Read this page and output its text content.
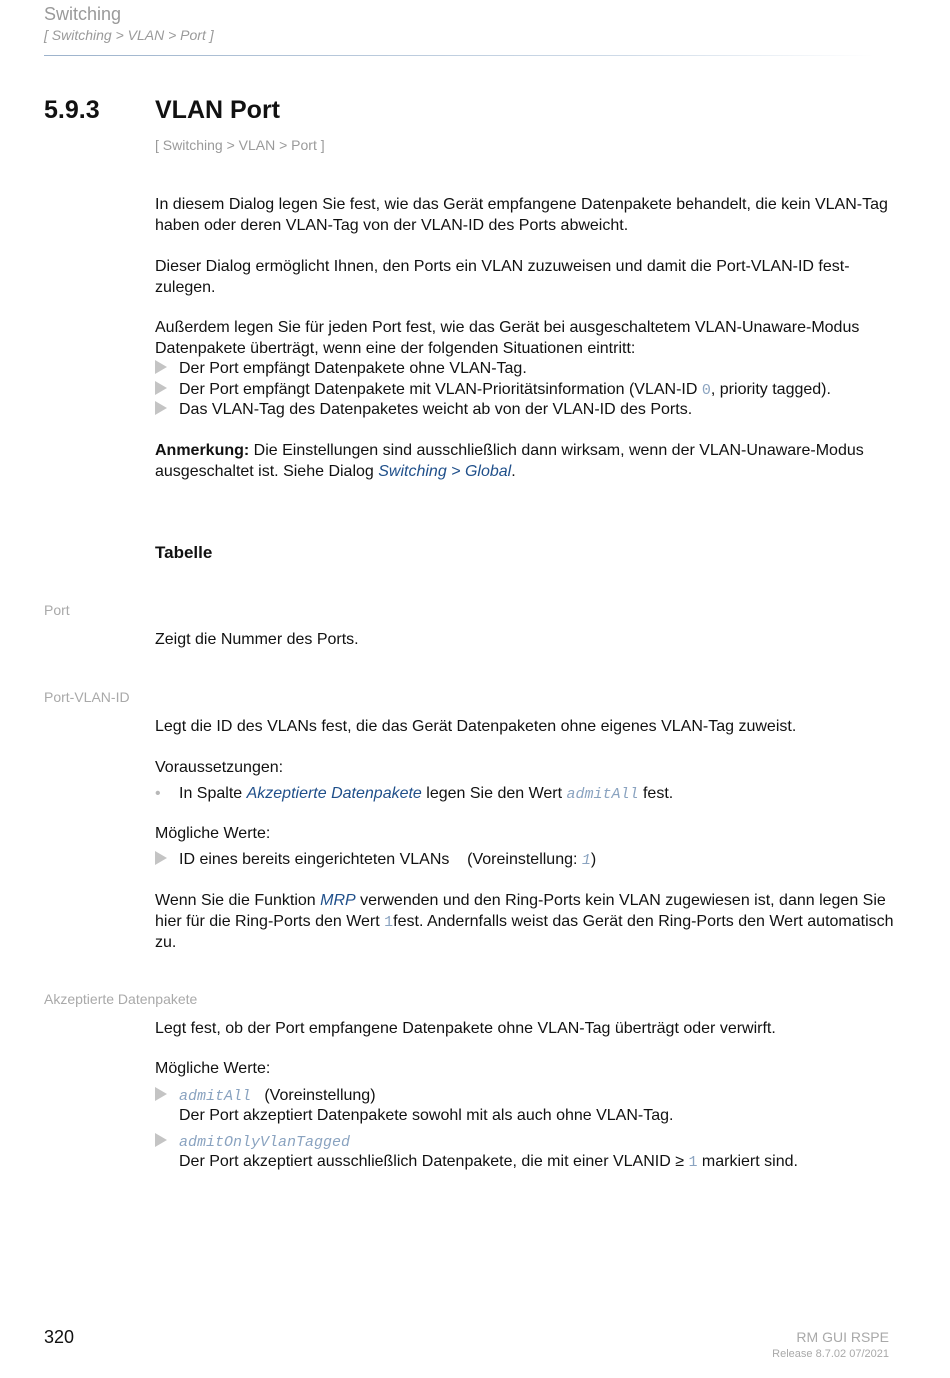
Switching
[ Switching > VLAN > Port ]
5.9.3 VLAN Port
[ Switching > VLAN > Port ]

In diesem Dialog legen Sie fest, wie das Gerät empfangene Datenpakete behandelt, die kein VLAN-Tag haben oder deren VLAN-Tag von der VLAN-ID des Ports abweicht.

Dieser Dialog ermöglicht Ihnen, den Ports ein VLAN zuzuweisen und damit die Port-VLAN-ID fest-zulegen.

Außerdem legen Sie für jeden Port fest, wie das Gerät bei ausgeschaltetem VLAN-Unaware-Modus Datenpakete überträgt, wenn eine der folgenden Situationen eintritt:

Der Port empfängt Datenpakete ohne VLAN-Tag.
Der Port empfängt Datenpakete mit VLAN-Prioritätsinformation (VLAN-ID 0, priority tagged).
Das VLAN-Tag des Datenpaketes weicht ab von der VLAN-ID des Ports.

Anmerkung: Die Einstellungen sind ausschließlich dann wirksam, wenn der VLAN-Unaware-Modus ausgeschaltet ist. Siehe Dialog Switching > Global.

Tabelle
Port

Zeigt die Nummer des Ports.

Port-VLAN-ID

Legt die ID des VLANs fest, die das Gerät Datenpaketen ohne eigenes VLAN-Tag zuweist.

Voraussetzungen:

• In Spalte Akzeptierte Datenpakete legen Sie den Wert admitAll fest.

Mögliche Werte:

ID eines bereits eingerichteten VLANs    (Voreinstellung: 1)

Wenn Sie die Funktion MRP verwenden und den Ring-Ports kein VLAN zugewiesen ist, dann legen Sie hier für die Ring-Ports den Wert 1fest. Andernfalls weist das Gerät den Ring-Ports den Wert automatisch zu.

Akzeptierte Datenpakete

Legt fest, ob der Port empfangene Datenpakete ohne VLAN-Tag überträgt oder verwirft.

Mögliche Werte:

admitAll   (Voreinstellung)
Der Port akzeptiert Datenpakete sowohl mit als auch ohne VLAN-Tag.
admitOnlyVlanTagged
Der Port akzeptiert ausschließlich Datenpakete, die mit einer VLANID ≥ 1 markiert sind.
320	RM GUI RSPE
Release 8.7.02 07/2021
